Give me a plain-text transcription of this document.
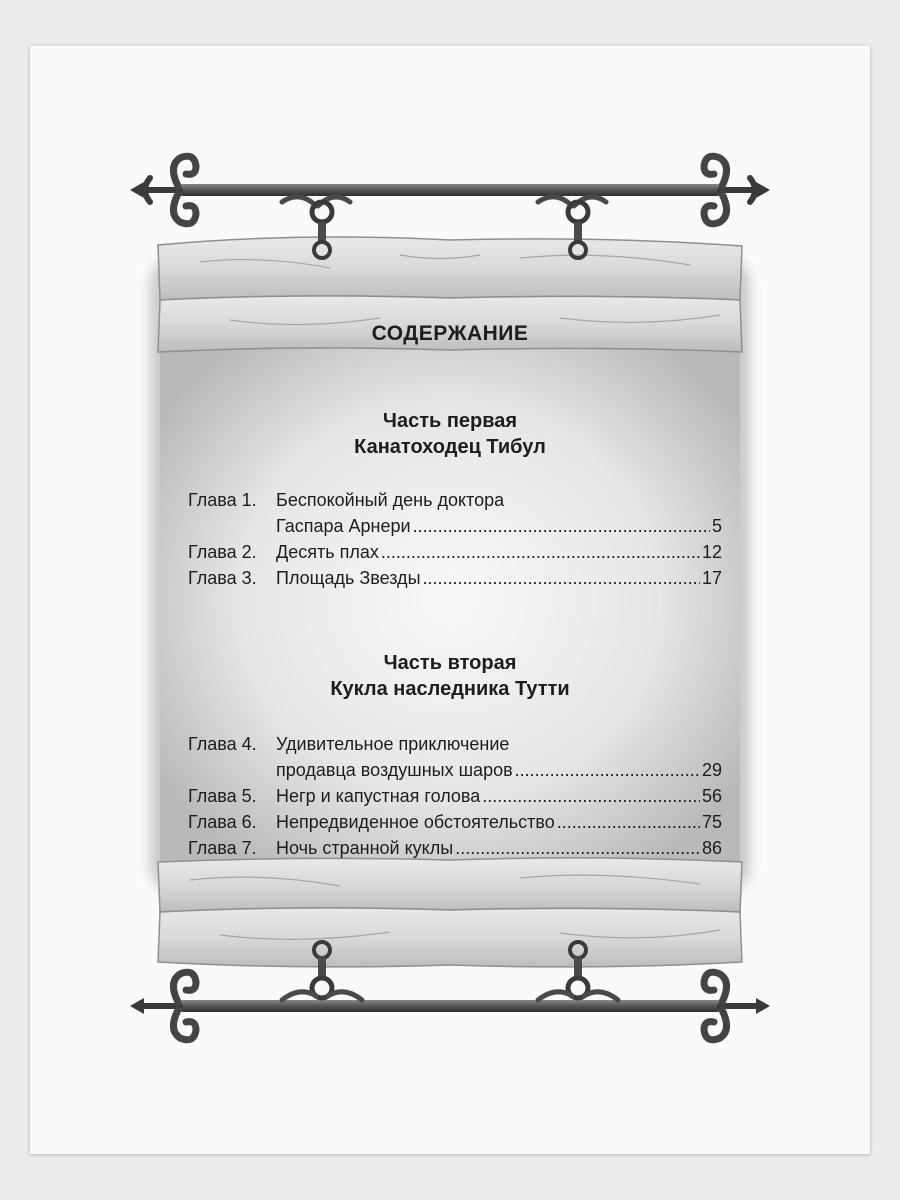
СОДЕРЖАНИЕ
Часть первая
Канатоходец Тибул
Глава 1.	Беспокойный день доктора
Гаспара Арнери .....	5
Глава 2.	Десять плах .....	12
Глава 3.	Площадь Звезды .....	17
Часть вторая
Кукла наследника Тутти
Глава 4.	Удивительное приключение
продавца воздушных шаров .....	29
Глава 5.	Негр и капустная голова .....	56
Глава 6.	Непредвиденное обстоятельство .....	75
Глава 7.	Ночь странной куклы .....	86
